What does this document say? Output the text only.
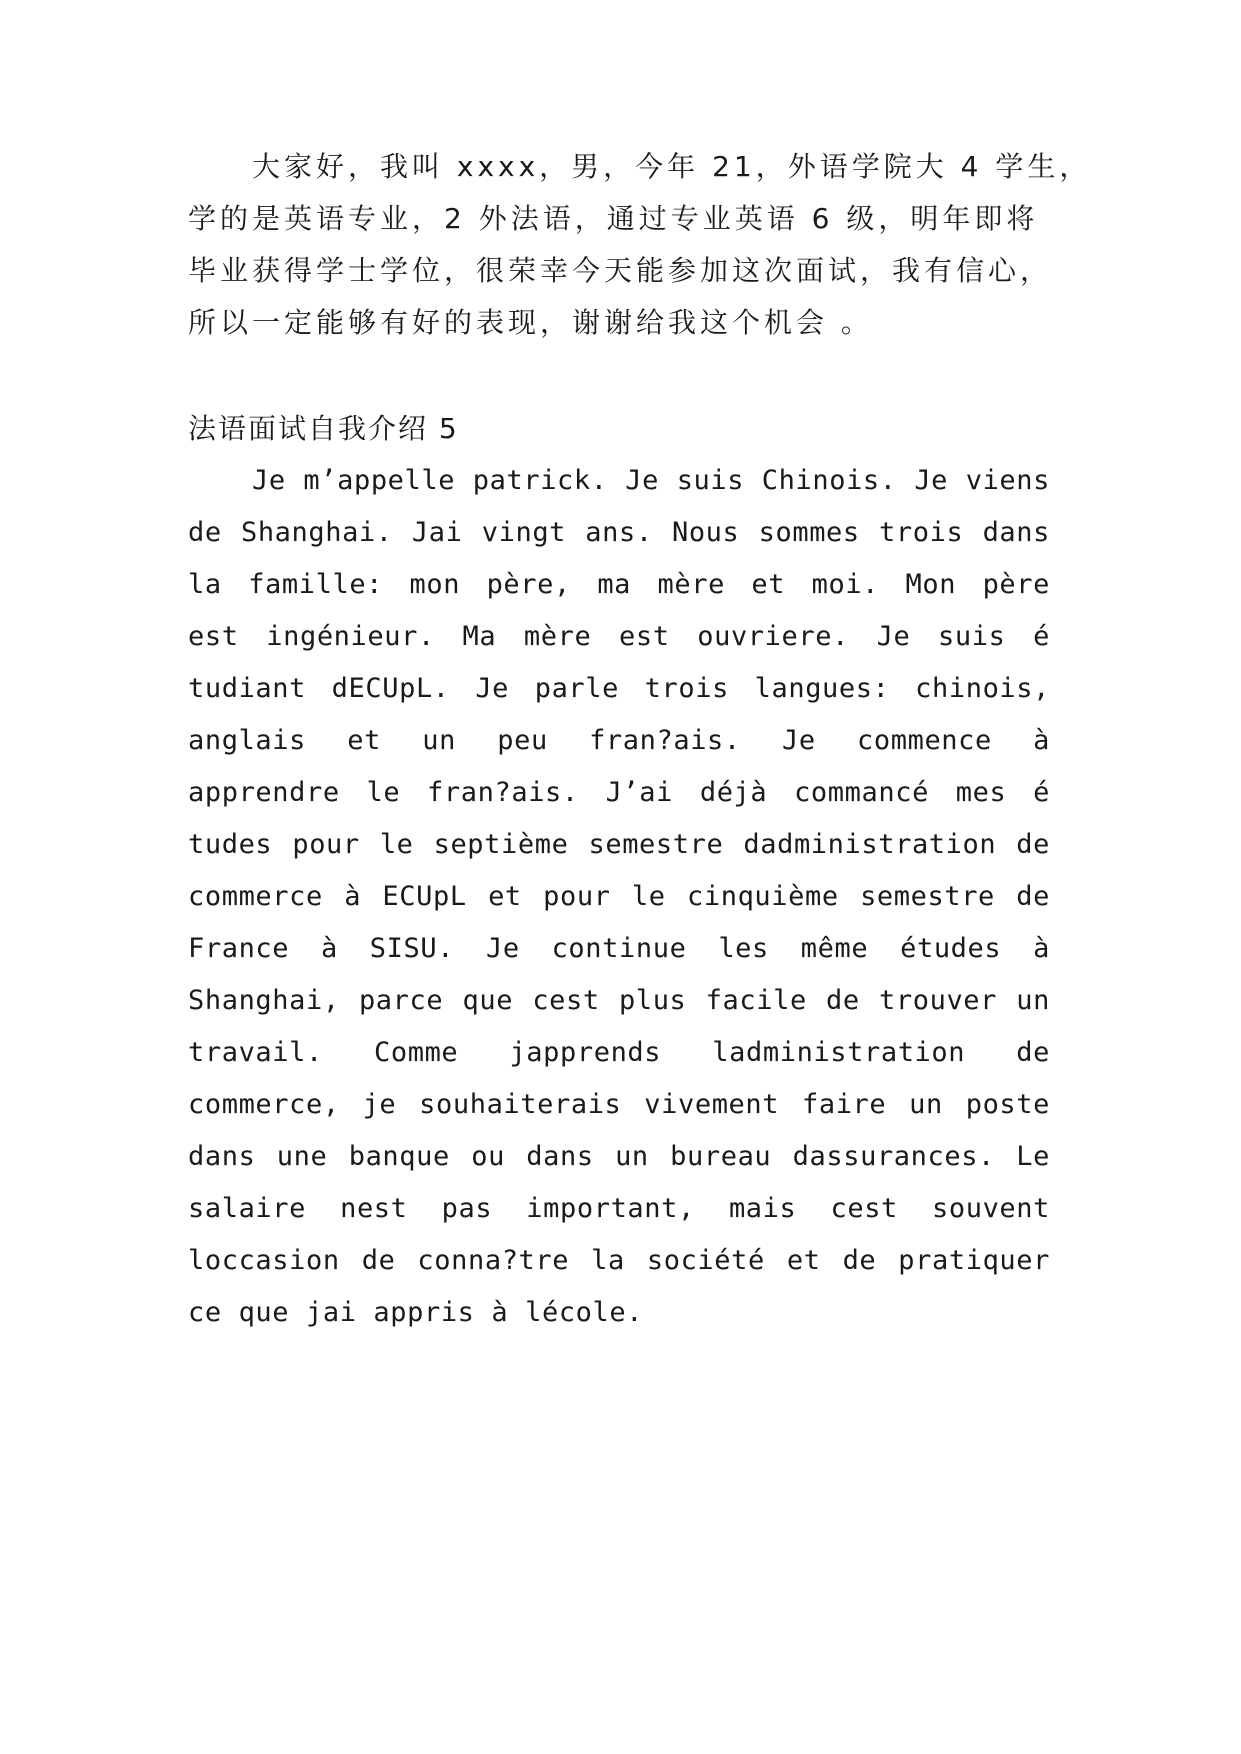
大家好，我叫 xxxx，男，今年 21，外语学院大 4 学生，
学的是英语专业，2 外法语，通过专业英语 6 级，明年即将
毕业获得学士学位，很荣幸今天能参加这次面试，我有信心，
所以一定能够有好的表现，谢谢给我这个机会 。
法语面试自我介绍 5
Je m’appelle patrick. Je suis Chinois. Je viens
de Shanghai. Jai vingt ans. Nous sommes trois dans
la famille: mon père, ma mère et moi. Mon père
est ingénieur. Ma mère est ouvriere. Je suis é
tudiant dECUpL. Je parle trois langues: chinois,
anglais et un peu fran?ais. Je commence à
apprendre le fran?ais. J’ai déjà commancé mes é
tudes pour le septième semestre dadministration de
commerce à ECUpL et pour le cinquième semestre de
France à SISU. Je continue les même études à
Shanghai, parce que cest plus facile de trouver un
travail. Comme japprends ladministration de
commerce, je souhaiterais vivement faire un poste
dans une banque ou dans un bureau dassurances. Le
salaire nest pas important, mais cest souvent
loccasion de conna?tre la société et de pratiquer
ce que jai appris à lécole.
